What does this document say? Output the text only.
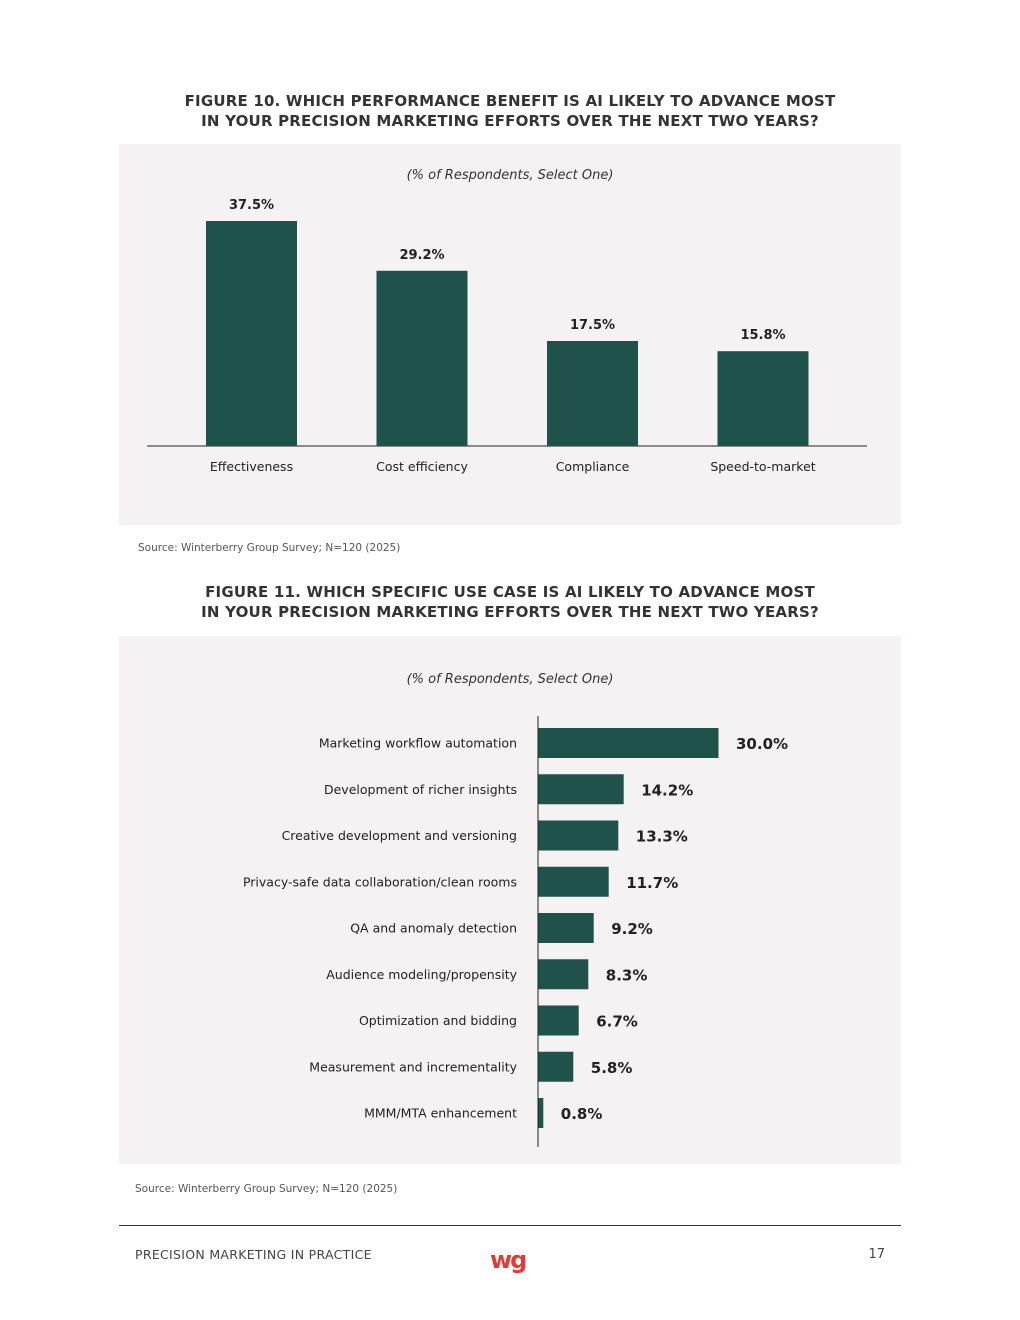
FIGURE 10. WHICH PERFORMANCE BENEFIT IS AI LIKELY TO ADVANCE MOST
IN YOUR PRECISION MARKETING EFFORTS OVER THE NEXT TWO YEARS?
(% of Respondents, Select One)
37.5%
Effectiveness
29.2%
Cost efficiency
17.5%
Compliance
15.8%
Speed-to-market
Source: Winterberry Group Survey; N=120 (2025)
FIGURE 11. WHICH SPECIFIC USE CASE IS AI LIKELY TO ADVANCE MOST
IN YOUR PRECISION MARKETING EFFORTS OVER THE NEXT TWO YEARS?
(% of Respondents, Select One)
Marketing workflow automation	30.0%
Development of richer insights	14.2%
Creative development and versioning	13.3%
Privacy-safe data collaboration/clean rooms	11.7%
QA and anomaly detection	9.2%
Audience modeling/propensity	8.3%
Optimization and bidding	6.7%
Measurement and incrementality	5.8%
MMM/MTA enhancement	0.8%
Source: Winterberry Group Survey; N=120 (2025)
PRECISION MARKETING IN PRACTICE	wg	17
